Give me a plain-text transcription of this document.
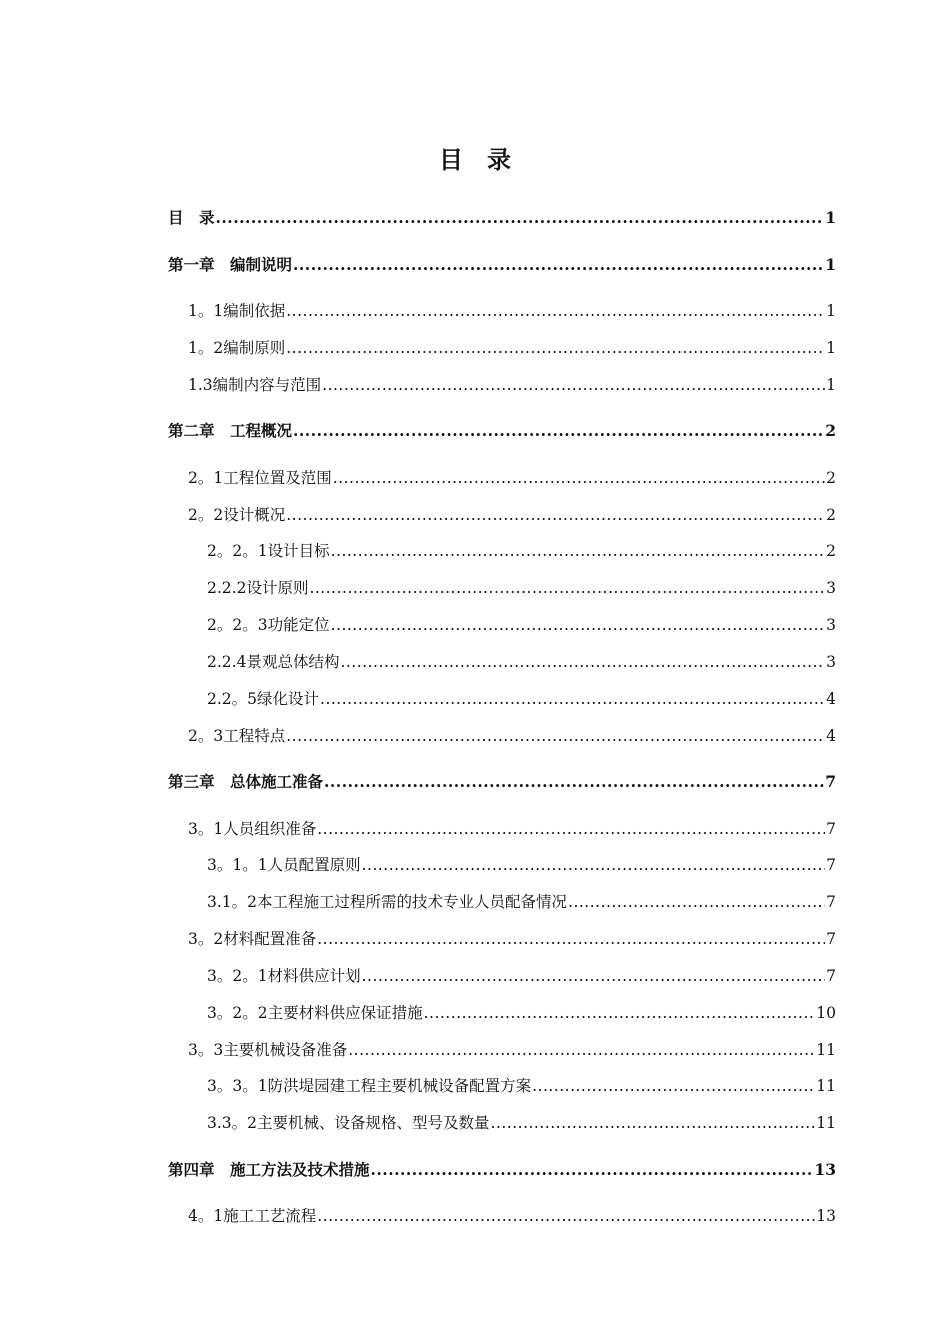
目　录
目　录 .....	1
第一章　编制说明 .....	1
1。1编制依据 .....	1
1。2编制原则 .....	1
1.3编制内容与范围 .....	1
第二章　工程概况 .....	2
2。1工程位置及范围 .....	2
2。2设计概况 .....	2
2。2。1设计目标 .....	2
2.2.2设计原则 .....	3
2。2。3功能定位 .....	3
2.2.4景观总体结构 .....	3
2.2。5绿化设计 .....	4
2。3工程特点 .....	4
第三章　总体施工准备 .....	7
3。1人员组织准备 .....	7
3。1。1人员配置原则 .....	7
3.1。2本工程施工过程所需的技术专业人员配备情况 .....	7
3。2材料配置准备 .....	7
3。2。1材料供应计划 .....	7
3。2。2主要材料供应保证措施 .....	10
3。3主要机械设备准备 .....	11
3。3。1防洪堤园建工程主要机械设备配置方案 .....	11
3.3。2主要机械、设备规格、型号及数量 .....	11
第四章　施工方法及技术措施 .....	13
4。1施工工艺流程 .....	13
